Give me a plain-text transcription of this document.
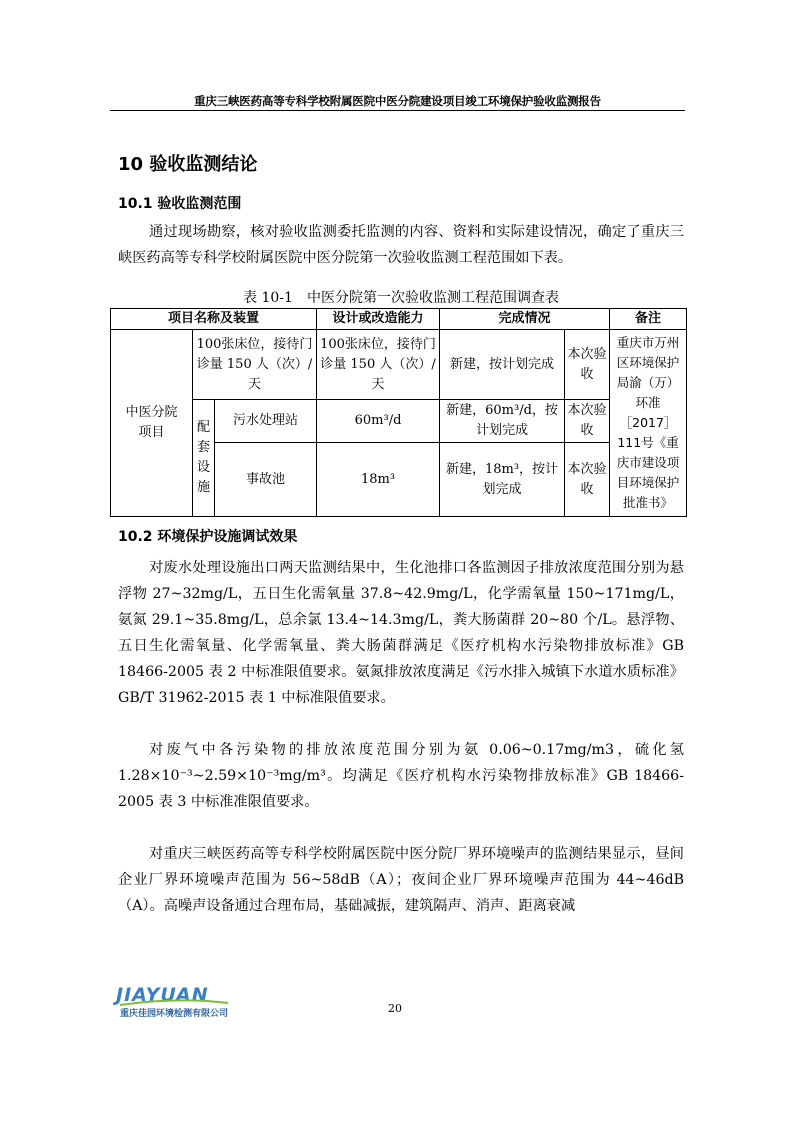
重庆三峡医药高等专科学校附属医院中医分院建设项目竣工环境保护验收监测报告
10 验收监测结论
10.1 验收监测范围

通过现场勘察，核对验收监测委托监测的内容、资料和实际建设情况，确定了重庆三峡医药高等专科学校附属医院中医分院第一次验收监测工程范围如下表。

表 10-1　中医分院第一次验收监测工程范围调查表
项目名称及装置			设计或改造能力	完成情况		备注
中医分院项目	100张床位，接待门诊量 150 人（次）/天		100张床位，接待门诊量 150 人（次）/天	新建，按计划完成	本次验收	重庆市万州区环境保护局渝（万）环准［2017］111号《重庆市建设项目环境保护批准书》
	配套设施	污水处理站	60m³/d	新建，60m³/d，按计划完成	本次验收	
		事故池	18m³	新建，18m³，按计划完成	本次验收	
10.2 环境保护设施调试效果

对废水处理设施出口两天监测结果中，生化池排口各监测因子排放浓度范围分别为悬浮物 27~32mg/L，五日生化需氧量 37.8~42.9mg/L，化学需氧量 150~171mg/L，氨氮 29.1~35.8mg/L，总余氯 13.4~14.3mg/L，粪大肠菌群 20~80 个/L。悬浮物、五日生化需氧量、化学需氧量、粪大肠菌群满足《医疗机构水污染物排放标准》GB 18466-2005 表 2 中标准限值要求。氨氮排放浓度满足《污水排入城镇下水道水质标准》GB/T 31962-2015 表 1 中标准限值要求。

对废气中各污染物的排放浓度范围分别为氨 0.06~0.17mg/m3，硫化氢 1.28×10⁻³~2.59×10⁻³mg/m³。均满足《医疗机构水污染物排放标准》GB 18466-2005 表 3 中标准准限值要求。

对重庆三峡医药高等专科学校附属医院中医分院厂界环境噪声的监测结果显示，昼间企业厂界环境噪声范围为 56~58dB（A）；夜间企业厂界环境噪声范围为 44~46dB（A）。高噪声设备通过合理布局，基础减振，建筑隔声、消声、距离衰减

JIAYUAN
重庆佳园环境检测有限公司	20
